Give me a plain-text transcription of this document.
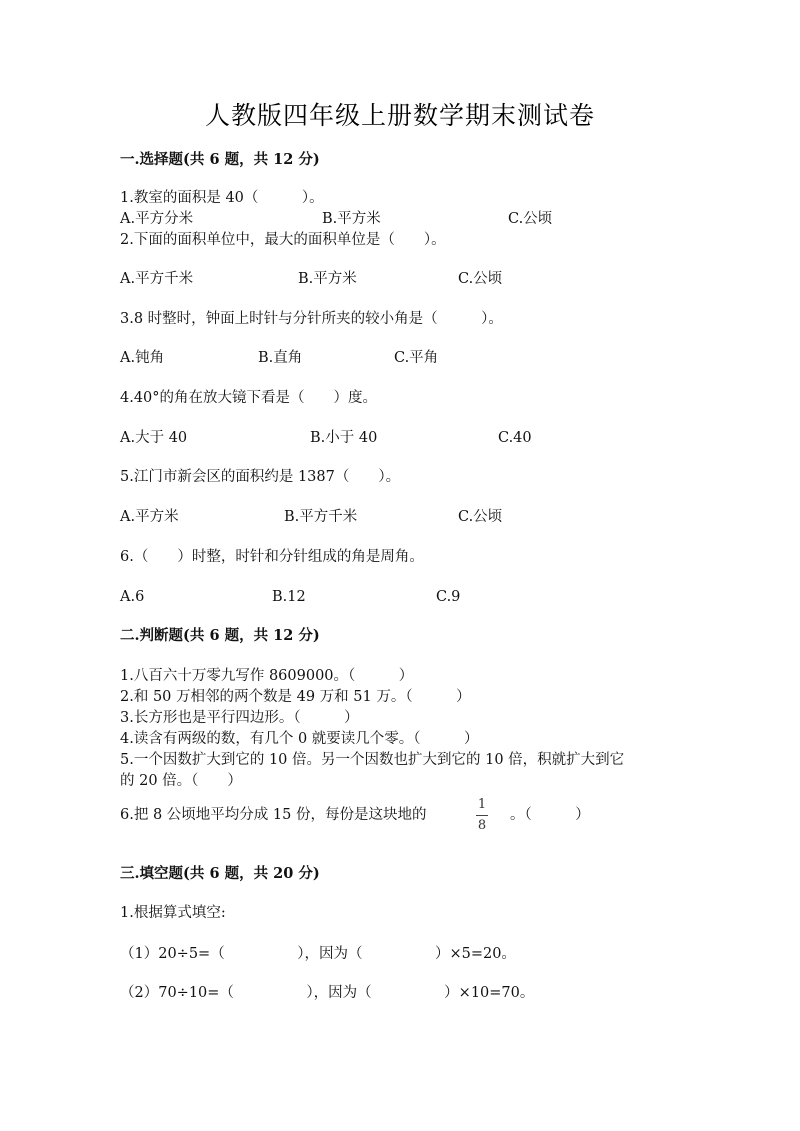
人教版四年级上册数学期末测试卷
一.选择题(共 6 题，共 12 分)
1.教室的面积是 40（　　　）。
A.平方分米	B.平方米	C.公顷
2.下面的面积单位中，最大的面积单位是（　　）。
A.平方千米	B.平方米	C.公顷
3.8 时整时，钟面上时针与分针所夹的较小角是（　　　）。
A.钝角	B.直角	C.平角
4.40°的角在放大镜下看是（　　）度。
A.大于 40	B.小于 40	C.40
5.江门市新会区的面积约是 1387（　　）。
A.平方米	B.平方千米	C.公顷
6.（　　）时整，时针和分针组成的角是周角。
A.6	B.12	C.9
二.判断题(共 6 题，共 12 分)
1.八百六十万零九写作 8609000。（　　　）
2.和 50 万相邻的两个数是 49 万和 51 万。（　　　）
3.长方形也是平行四边形。（　　　）
4.读含有两级的数，有几个 0 就要读几个零。（　　　）
5.一个因数扩大到它的 10 倍。另一个因数也扩大到它的 10 倍，积就扩大到它
的 20 倍。（　　）
6.把 8 公顷地平均分成 15 份，每份是这块地的
1
8
。（　　　）
三.填空题(共 6 题，共 20 分)
1.根据算式填空:
（1）20÷5=（　　　　　），因为（　　　　　）×5=20。
（2）70÷10=（　　　　　），因为（　　　　　）×10=70。
